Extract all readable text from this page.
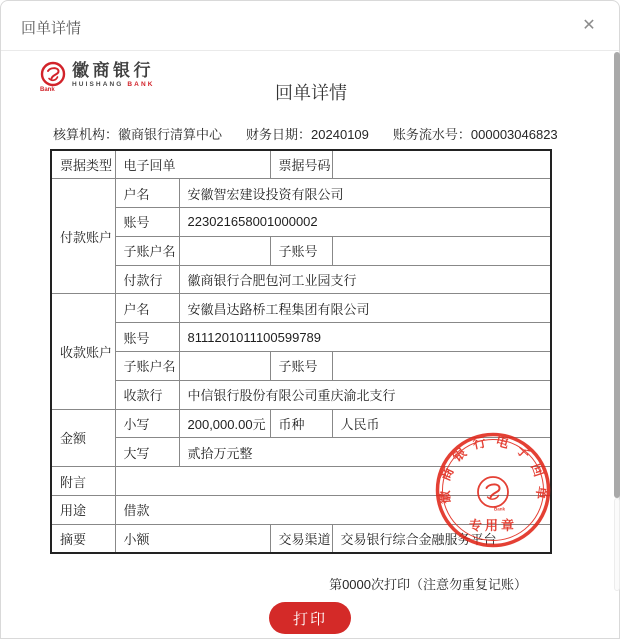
回单详情	✕
Bank
徽商银行
HUISHANG BANK	回单详情
核算机构：徽商银行清算中心 财务日期：20240109 账务流水号：000003046823
票据类型	电子回单		票据号码	
付款账户	户名	安徽智宏建设投资有限公司		
	账号	223021658001000002		
	子账户名		子账号	
	付款行	徽商银行合肥包河工业园支行		
收款账户	户名	安徽昌达路桥工程集团有限公司		
	账号	8111201011100599789		
	子账户名		子账号	
	收款行	中信银行股份有限公司重庆渝北支行		
金额	小写	200,000.00元	币种	人民币
	大写	贰拾万元整		
附言				
用途	借款			
摘要	小额		交易渠道	交易银行综合金融服务平台
徽商银行电子回单
Bank
专用章
第0000次打印（注意勿重复记账）
打印
